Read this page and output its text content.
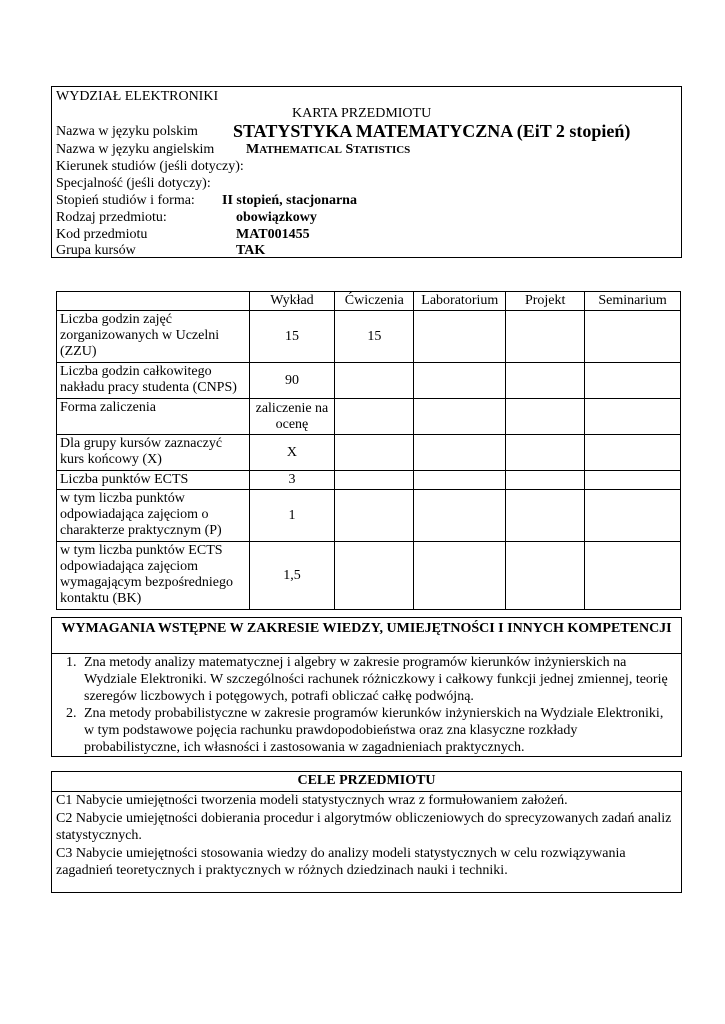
WYDZIAŁ ELEKTRONIKI
KARTA PRZEDMIOTU
Nazwa w języku polskim STATYSTYKA MATEMATYCZNA (EiT 2 stopień)
Nazwa w języku angielskim MATHEMATICAL STATISTICS
Kierunek studiów (jeśli dotyczy):
Specjalność (jeśli dotyczy):
Stopień studiów i forma: II stopień, stacjonarna
Rodzaj przedmiotu:	obowiązkowy
Kod przedmiotu	MAT001455
Grupa kursów	TAK
	Wykład	Ćwiczenia	Laboratorium	Projekt	Seminarium
Liczba godzin zajęć zorganizowanych w Uczelni (ZZU)	15	15			
Liczba godzin całkowitego nakładu pracy studenta (CNPS)	90				
Forma zaliczenia	zaliczenie na ocenę				
Dla grupy kursów zaznaczyć kurs końcowy (X)	X				
Liczba punktów ECTS	3				
w tym liczba punktów odpowiadająca zajęciom o charakterze praktycznym (P)	1				
w tym liczba punktów ECTS odpowiadająca zajęciom wymagającym bezpośredniego kontaktu (BK)	1,5				
WYMAGANIA WSTĘPNE W ZAKRESIE WIEDZY, UMIEJĘTNOŚCI I INNYCH KOMPETENCJI
1. Zna metody analizy matematycznej i algebry w zakresie programów kierunków inżynierskich na Wydziale Elektroniki. W szczególności rachunek różniczkowy i całkowy funkcji jednej zmiennej, teorię szeregów liczbowych i potęgowych, potrafi obliczać całkę podwójną.
2. Zna metody probabilistyczne w zakresie programów kierunków inżynierskich na Wydziale Elektroniki, w tym podstawowe pojęcia rachunku prawdopodobieństwa oraz zna klasyczne rozkłady probabilistyczne, ich własności i zastosowania w zagadnieniach praktycznych.
CELE PRZEDMIOTU

C1 Nabycie umiejętności tworzenia modeli statystycznych wraz z formułowaniem założeń.

C2 Nabycie umiejętności dobierania procedur i algorytmów obliczeniowych do sprecyzowanych zadań analiz statystycznych.

C3 Nabycie umiejętności stosowania wiedzy do analizy modeli statystycznych w celu rozwiązywania zagadnień teoretycznych i praktycznych w różnych dziedzinach nauki i techniki.
